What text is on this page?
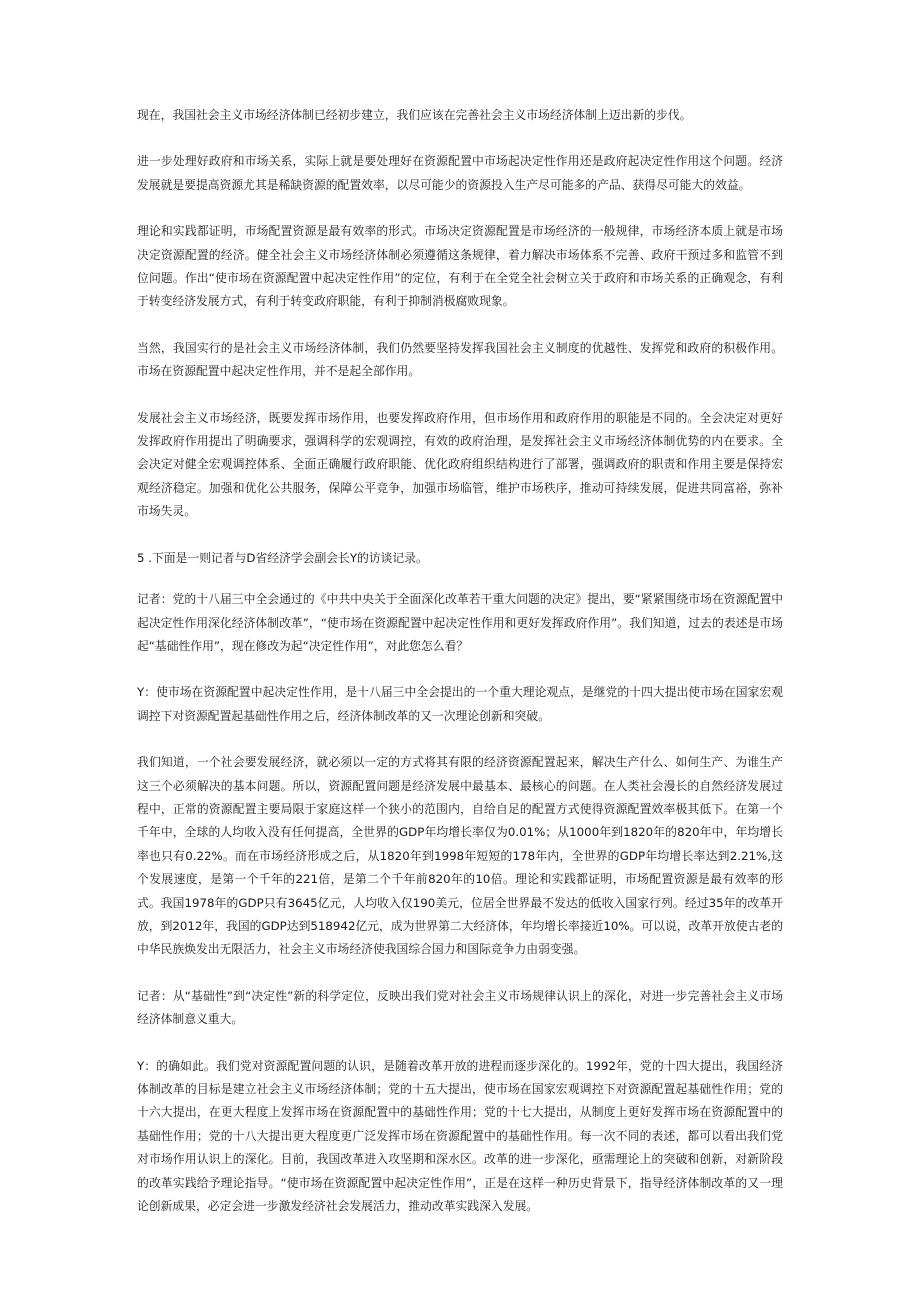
现在，我国社会主义市场经济体制已经初步建立，我们应该在完善社会主义市场经济体制上迈出新的步伐。

进一步处理好政府和市场关系，实际上就是要处理好在资源配置中市场起决定性作用还是政府起决定性作用这个问题。经济发展就是要提高资源尤其是稀缺资源的配置效率，以尽可能少的资源投入生产尽可能多的产品、获得尽可能大的效益。

理论和实践都证明，市场配置资源是最有效率的形式。市场决定资源配置是市场经济的一般规律，市场经济本质上就是市场决定资源配置的经济。健全社会主义市场经济体制必须遵循这条规律，着力解决市场体系不完善、政府干预过多和监管不到位问题。作出“使市场在资源配置中起决定性作用”的定位，有利于在全党全社会树立关于政府和市场关系的正确观念，有利于转变经济发展方式，有利于转变政府职能，有利于抑制消极腐败现象。

当然，我国实行的是社会主义市场经济体制，我们仍然要坚持发挥我国社会主义制度的优越性、发挥党和政府的积极作用。市场在资源配置中起决定性作用，并不是起全部作用。

发展社会主义市场经济，既要发挥市场作用，也要发挥政府作用，但市场作用和政府作用的职能是不同的。全会决定对更好发挥政府作用提出了明确要求，强调科学的宏观调控，有效的政府治理，是发挥社会主义市场经济体制优势的内在要求。全会决定对健全宏观调控体系、全面正确履行政府职能、优化政府组织结构进行了部署，强调政府的职责和作用主要是保持宏观经济稳定。加强和优化公共服务，保障公平竞争，加强市场临管，维护市场秩序，推动可持续发展，促进共同富裕，弥补市场失灵。

5 .下面是一则记者与D省经济学会副会长Y的访谈记录。

记者：党的十八届三中全会通过的《中共中央关于全面深化改革若干重大问题的决定》提出，要“紧紧围绕市场在资源配置中起决定性作用深化经济体制改革”，“使市场在资源配置中起决定性作用和更好发挥政府作用”。我们知道，过去的表述是市场起“基础性作用”，现在修改为起“决定性作用”，对此您怎么看？

Y：使市场在资源配置中起决定性作用，是十八届三中全会提出的一个重大理论观点，是继党的十四大提出使市场在国家宏观调控下对资源配置起基础性作用之后，经济体制改革的又一次理论创新和突破。

我们知道，一个社会要发展经济，就必须以一定的方式将其有限的经济资源配置起来，解决生产什么、如何生产、为谁生产这三个必须解决的基本问题。所以，资源配置问题是经济发展中最基本、最核心的问题。在人类社会漫长的自然经济发展过程中，正常的资源配置主要局限于家庭这样一个狭小的范围内，自给自足的配置方式使得资源配置效率极其低下。在第一个千年中，全球的人均收入没有任何提高，全世界的GDP年均增长率仅为0.01%；从1000年到1820年的820年中，年均增长率也只有0.22%。而在市场经济形成之后，从1820年到1998年短短的178年内，全世界的GDP年均增长率达到2.21%,这个发展速度，是第一个千年的221倍，是第二个千年前820年的10倍。理论和实践都证明，市场配置资源是最有效率的形式。我国1978年的GDP只有3645亿元，人均收入仅190美元，位居全世界最不发达的低收入国家行列。经过35年的改革开放，到2012年，我国的GDP达到518942亿元，成为世界第二大经济体，年均增长率接近10%。可以说，改革开放使古老的中华民族焕发出无限活力，社会主义市场经济使我国综合国力和国际竞争力由弱变强。

记者：从“基础性”到“决定性”新的科学定位，反映出我们党对社会主义市场规律认识上的深化，对进一步完善社会主义市场经济体制意义重大。

Y：的确如此。我们党对资源配置问题的认识，是随着改革开放的进程而逐步深化的。1992年，党的十四大提出，我国经济体制改革的目标是建立社会主义市场经济体制；党的十五大提出，使市场在国家宏观调控下对资源配置起基础性作用；党的十六大提出，在更大程度上发挥市场在资源配置中的基础性作用；党的十七大提出，从制度上更好发挥市场在资源配置中的基础性作用；党的十八大提出更大程度更广泛发挥市场在资源配置中的基础性作用。每一次不同的表述，都可以看出我们党对市场作用认识上的深化。目前，我国改革进入攻坚期和深水区。改革的进一步深化，亟需理论上的突破和创新，对新阶段的改革实践给予理论指导。“使市场在资源配置中起决定性作用”，正是在这样一种历史背景下，指导经济体制改革的又一理论创新成果，必定会进一步激发经济社会发展活力，推动改革实践深入发展。
